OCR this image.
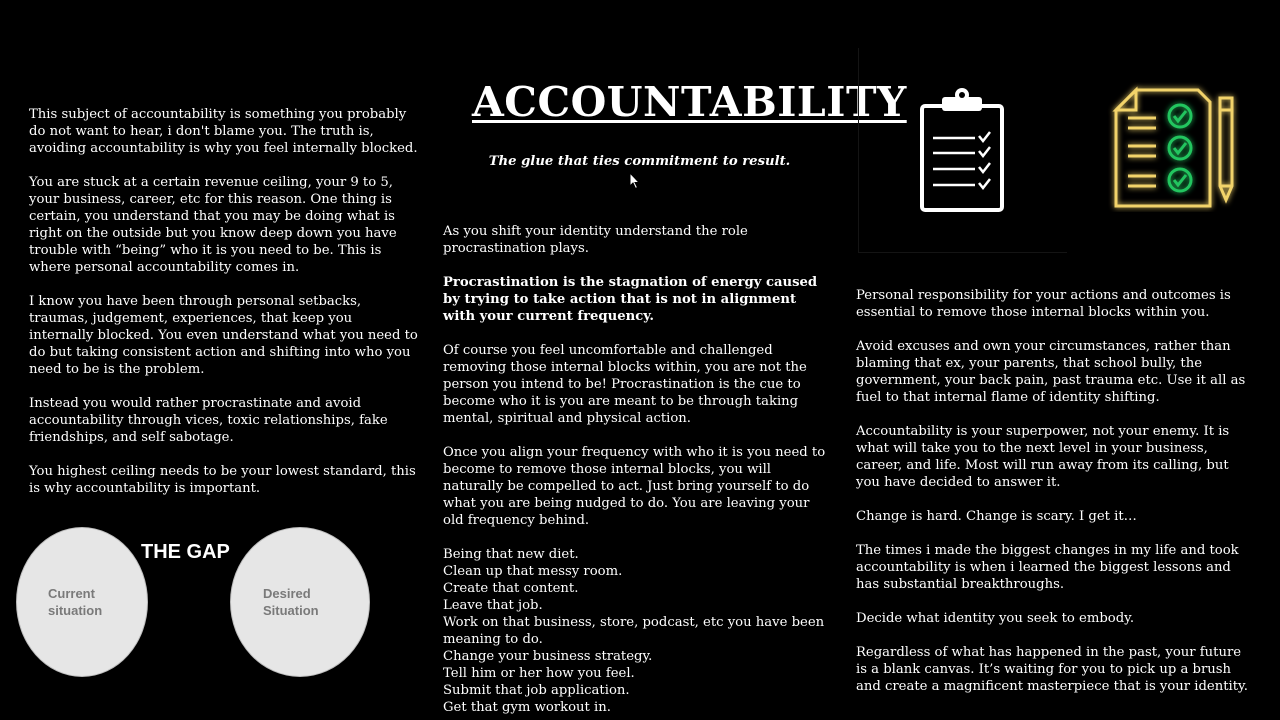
This subject of accountability is something you probably do not want to hear, i don't blame you. The truth is, avoiding accountability is why you feel internally blocked.

You are stuck at a certain revenue ceiling, your 9 to 5, your business, career, etc for this reason. One thing is certain, you understand that you may be doing what is right on the outside but you know deep down you have trouble with “being” who it is you need to be. This is where personal accountability comes in.

I know you have been through personal setbacks, traumas, judgement, experiences, that keep you internally blocked. You even understand what you need to do but taking consistent action and shifting into who you need to be is the problem.

Instead you would rather procrastinate and avoid accountability through vices, toxic relationships, fake friendships, and self sabotage.

You highest ceiling needs to be your lowest standard, this is why accountability is important.

Current situation
Desired Situation
THE GAP
ACCOUNTABILITY
The glue that ties commitment to result.

As you shift your identity understand the role procrastination plays.

Procrastination is the stagnation of energy caused by trying to take action that is not in alignment with your current frequency.

Of course you feel uncomfortable and challenged removing those internal blocks within, you are not the person you intend to be! Procrastination is the cue to become who it is you are meant to be through taking mental, spiritual and physical action.

Once you align your frequency with who it is you need to become to remove those internal blocks, you will naturally be compelled to act. Just bring yourself to do what you are being nudged to do. You are leaving your old frequency behind.

Being that new diet.
Clean up that messy room.
Create that content.
Leave that job.
Work on that business, store, podcast, etc you have been meaning to do.
Change your business strategy.
Tell him or her how you feel.
Submit that job application.
Get that gym workout in.

Personal responsibility for your actions and outcomes is essential to remove those internal blocks within you.

Avoid excuses and own your circumstances, rather than blaming that ex, your parents, that school bully, the government, your back pain, past trauma etc. Use it all as fuel to that internal flame of identity shifting.

Accountability is your superpower, not your enemy. It is what will take you to the next level in your business, career, and life. Most will run away from its calling, but you have decided to answer it.

Change is hard. Change is scary. I get it…

The times i made the biggest changes in my life and took accountability is when i learned the biggest lessons and has substantial breakthroughs.

Decide what identity you seek to embody.

Regardless of what has happened in the past, your future is a blank canvas. It’s waiting for you to pick up a brush and create a magnificent masterpiece that is your identity.
